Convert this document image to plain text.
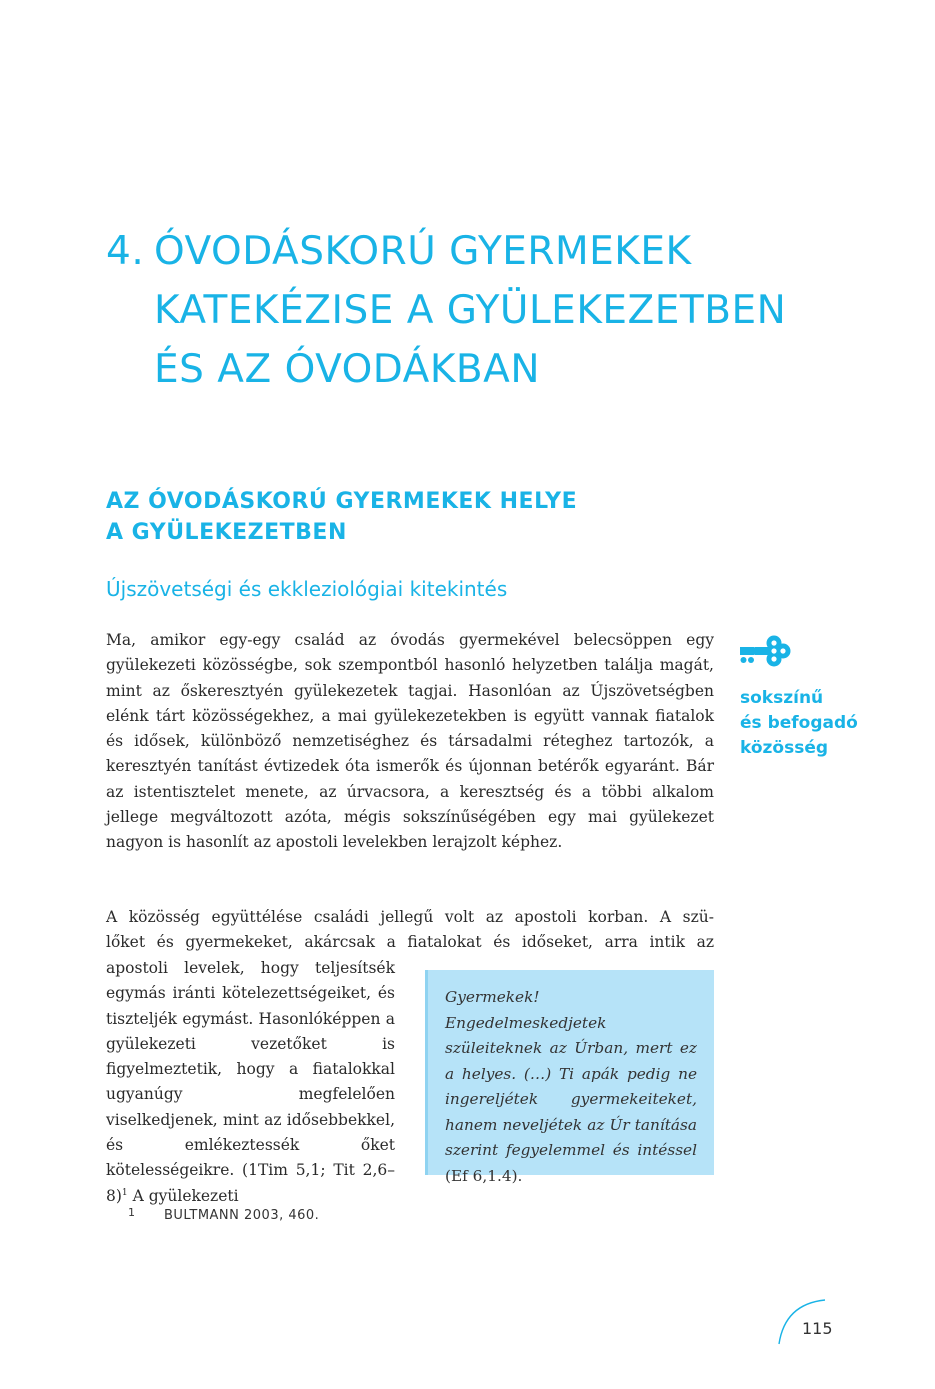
4. ÓVODÁSKORÚ GYERMEKEK
KATEKÉZISE A GYÜLEKEZETBEN
ÉS AZ ÓVODÁKBAN
AZ ÓVODÁSKORÚ GYERMEKEK HELYE
A GYÜLEKEZETBEN
Újszövetségi és ekkleziológiai kitekintés

Ma, amikor egy-egy család az óvodás gyermekével belecsöppen egy gyülekezeti közösségbe, sok szempontból hasonló helyzetben találja magát, mint az őskeresztyén gyülekezetek tagjai. Hasonlóan az Újszövetségben elénk tárt közösségekhez, a mai gyülekezetekben is együtt vannak fiatalok és idősek, különböző nemzetiséghez és társadalmi réteghez tartozók, a keresztyén tanítást évtizedek óta ismerők és újonnan betérők egyaránt. Bár az istentisztelet menete, az úrvacsora, a keresztség és a többi alkalom jellege megváltozott azóta, mégis sokszínűségében egy mai gyülekezet nagyon is hasonlít az apostoli levelekben lerajzolt képhez.

A közösség együttélése családi jellegű volt az apostoli korban. A szü-
lőket és gyermekeket, akárcsak a fiatalokat és időseket, arra intik az

apostoli levelek, hogy teljesítsék egymás iránti kötelezettségeiket, és tiszteljék egymást. Hasonlóképpen a gyülekezeti vezetőket is figyelmeztetik, hogy a fiatalokkal ugyanúgy megfelelően viselkedjenek, mint az idősebbekkel, és emlékeztessék őket kötelességeikre. (1Tim 5,1; Tit 2,6–8)$^1$ A gyülekezeti

Gyermekek! Engedelmeskedjetek szüleiteknek az Úrban, mert ez a helyes. (…) Ti apák pedig ne ingereljétek gyermekeiteket, hanem neveljétek az Úr tanítása szerint fegyelemmel és intéssel (Ef 6,1.4).
1 BULTMANN 2003, 460.
sokszínű
és befogadó
közösség
115
